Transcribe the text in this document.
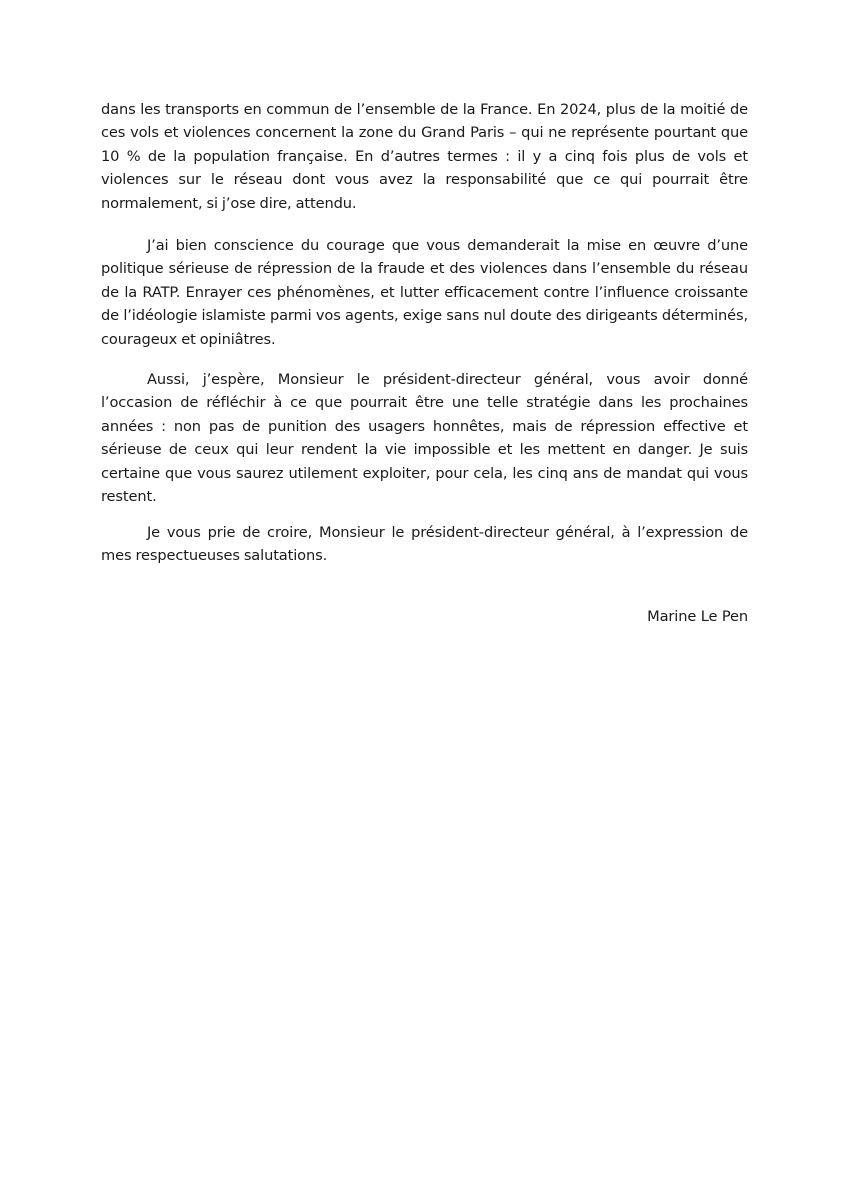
dans les transports en commun de l’ensemble de la France. En 2024, plus de la moitié de ces vols et violences concernent la zone du Grand Paris – qui ne représente pourtant que 10 % de la population française. En d’autres termes : il y a cinq fois plus de vols et violences sur le réseau dont vous avez la responsabilité que ce qui pourrait être normalement, si j’ose dire, attendu.

J’ai bien conscience du courage que vous demanderait la mise en œuvre d’une politique sérieuse de répression de la fraude et des violences dans l’ensemble du réseau de la RATP. Enrayer ces phénomènes, et lutter efficacement contre l’influence croissante de l’idéologie islamiste parmi vos agents, exige sans nul doute des dirigeants déterminés, courageux et opiniâtres.

Aussi, j’espère, Monsieur le président-directeur général, vous avoir donné l’occasion de réfléchir à ce que pourrait être une telle stratégie dans les prochaines années : non pas de punition des usagers honnêtes, mais de répression effective et sérieuse de ceux qui leur rendent la vie impossible et les mettent en danger. Je suis certaine que vous saurez utilement exploiter, pour cela, les cinq ans de mandat qui vous restent.

Je vous prie de croire, Monsieur le président-directeur général, à l’expression de mes respectueuses salutations.

Marine Le Pen
